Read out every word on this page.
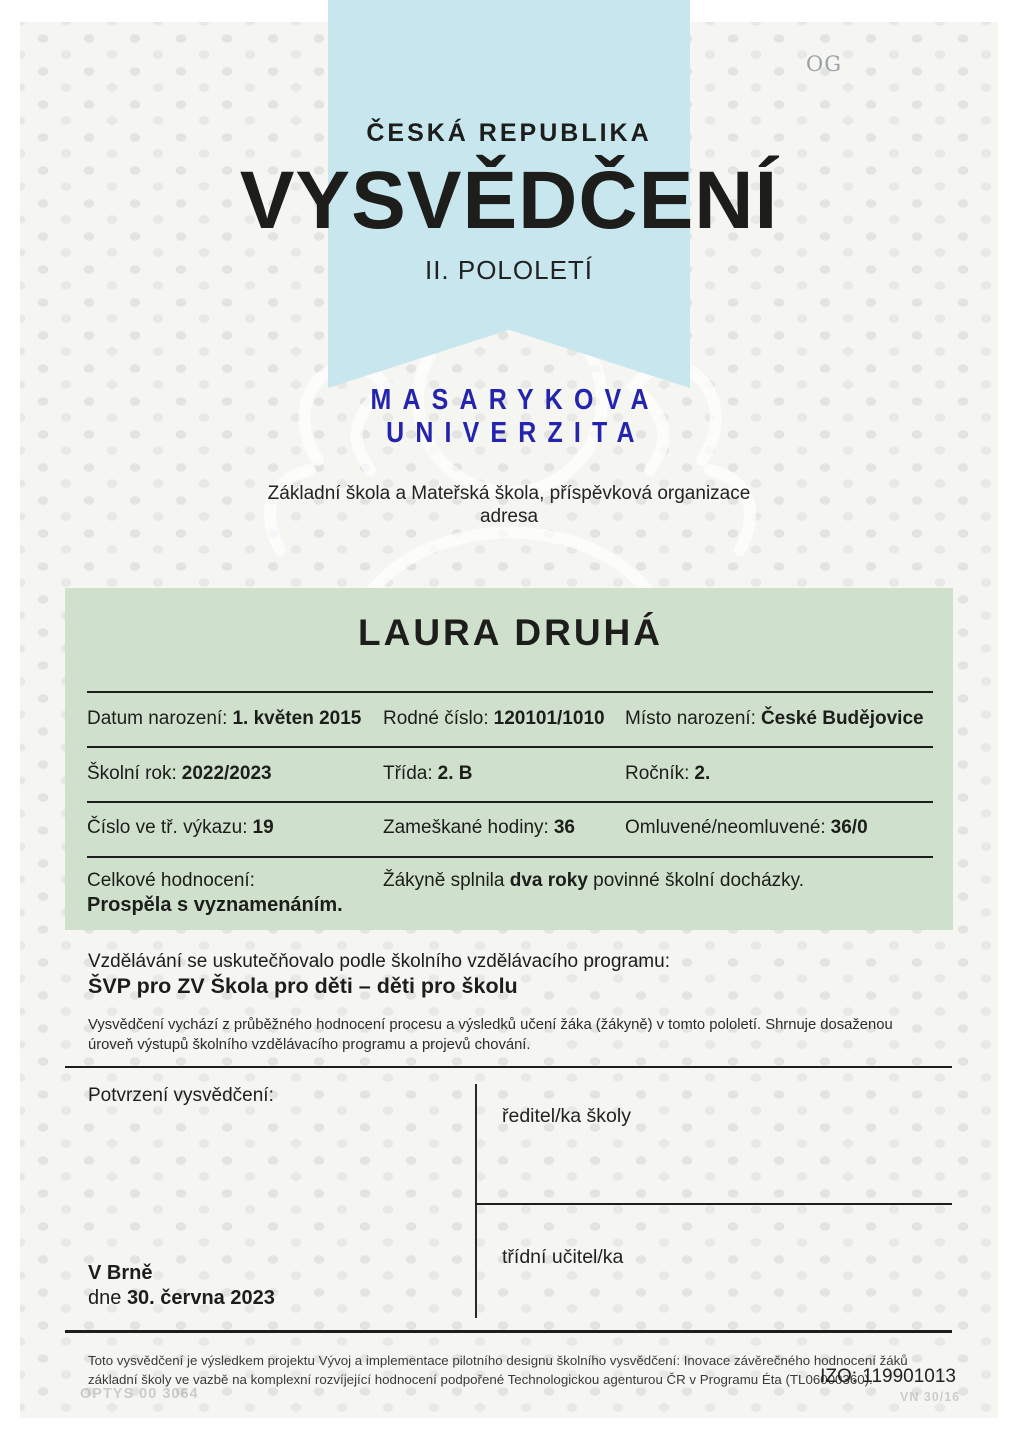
OG
ČESKÁ REPUBLIKA
VYSVĚDČENÍ
II. POLOLETÍ
MASARYKOVA
UNIVERZITA
Základní škola a Mateřská škola, příspěvková organizace
adresa
LAURA DRUHÁ
Datum narození: 1. květen 2015 Rodné číslo: 120101/1010 Místo narození: České Budějovice
Školní rok: 2022/2023	Třída: 2. B	Ročník: 2.
Číslo ve tř. výkazu: 19	Zameškané hodiny: 36	Omluvené/neomluvené: 36/0
Celkové hodnocení:	Žákyně splnila dva roky povinné školní docházky.
Prospěla s vyznamenáním.
Vzdělávání se uskutečňovalo podle školního vzdělávacího programu:
ŠVP pro ZV Škola pro děti – děti pro školu
Vysvědčení vychází z průběžného hodnocení procesu a výsledků učení žáka (žákyně) v tomto pololetí. Shrnuje dosaženou úroveň výstupů školního vzdělávacího programu a projevů chování.
Potvrzení vysvědčení:
ředitel/ka školy
třídní učitel/ka
V Brně
dne 30. června 2023
Toto vysvědčení je výsledkem projektu Vývoj a implementace pilotního designu školního vysvědčení: Inovace závěrečného hodnocení žáků základní školy ve vazbě na komplexní rozvíjející hodnocení podpořené Technologickou agenturou ČR v Programu Éta (TL06000360).
IZO: 119901013
OPTYS 00 3064	VN 30/16
